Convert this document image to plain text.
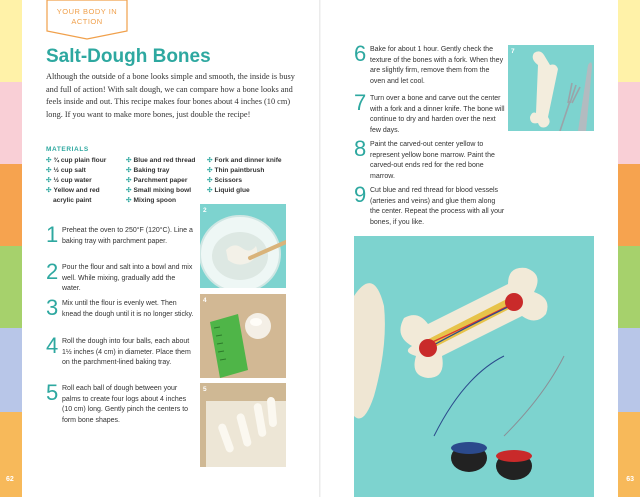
62	63
YOUR BODY IN
ACTION
Salt-Dough Bones
Although the outside of a bone looks simple and smooth, the inside is busy and full of action! With salt dough, we can compare how a bone looks and feels inside and out. This recipe makes four bones about 4 inches (10 cm) long. If you want to make more bones, just double the recipe!
MATERIALS
✣ ¾ cup plain flour
✣ ½ cup salt
✣ ½ cup water
✣ Yellow and red
acrylic paint
✣ Blue and red thread
✣ Baking tray
✣ Parchment paper
✣ Small mixing bowl
✣ Mixing spoon
✣ Fork and dinner knife
✣ Thin paintbrush
✣ Scissors
✣ Liquid glue
1 Preheat the oven to 250°F (120°C). Line a baking tray with parchment paper.
2 Pour the flour and salt into a bowl and mix well. While mixing, gradually add the water.
3 Mix until the flour is evenly wet. Then knead the dough until it is no longer sticky.
4 Roll the dough into four balls, each about 1½ inches (4 cm) in diameter. Place them on the parchment-lined baking tray.
5 Roll each ball of dough between your palms to create four logs about 4 inches (10 cm) long. Gently pinch the centers to form bone shapes.
6 Bake for about 1 hour. Gently check the texture of the bones with a fork. When they are slightly firm, remove them from the oven and let cool.
7 Turn over a bone and carve out the center with a fork and a dinner knife. The bone will continue to dry and harden over the next few days.
8 Paint the carved-out center yellow to represent yellow bone marrow. Paint the carved-out ends red for the red bone marrow.
9 Cut blue and red thread for blood vessels (arteries and veins) and glue them along the center. Repeat the process with all your bones, if you like.
2
4
5
7
